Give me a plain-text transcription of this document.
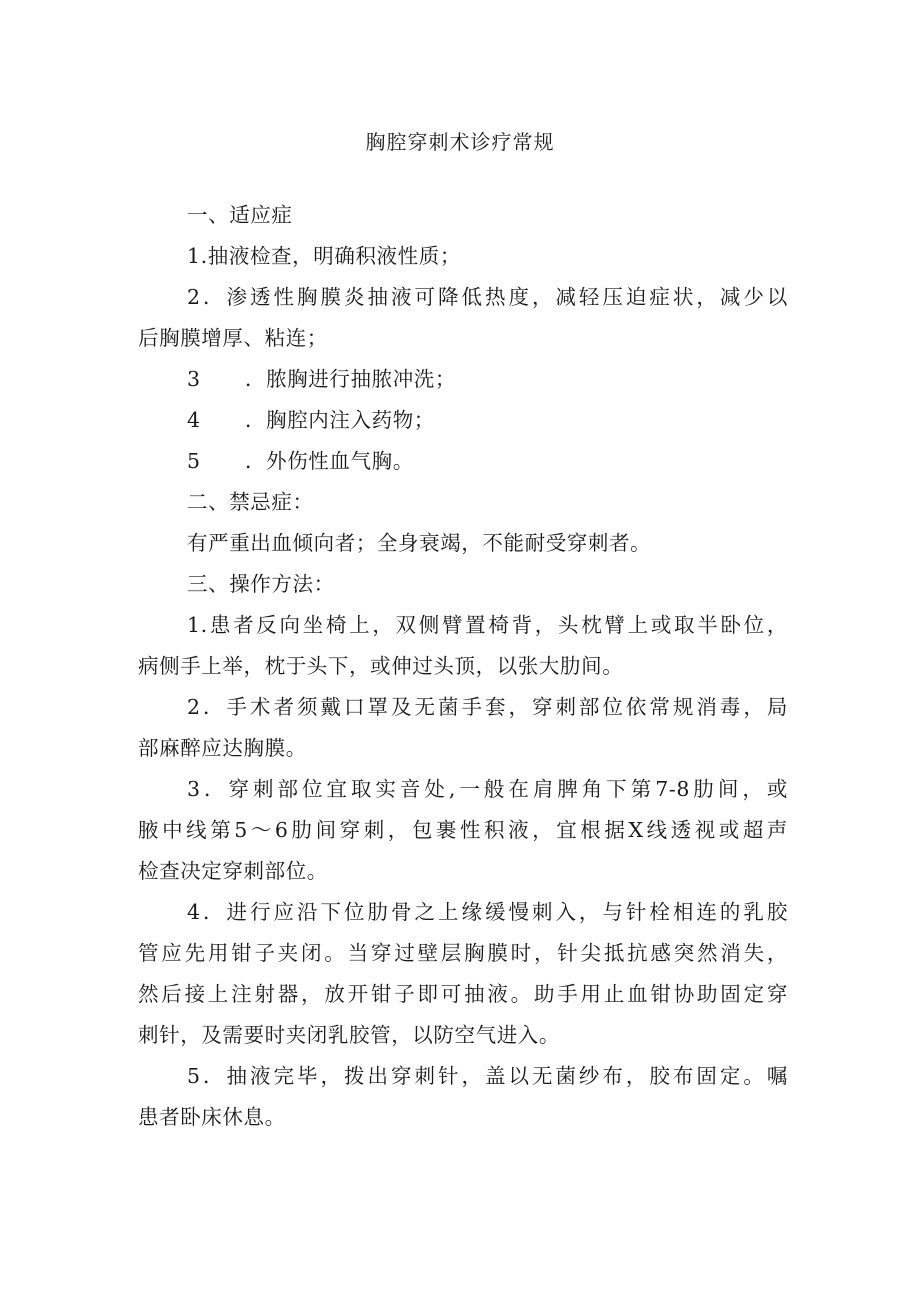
胸腔穿刺术诊疗常规
一、适应症
1.抽液检查，明确积液性质；
2．渗透性胸膜炎抽液可降低热度，减轻压迫症状，减少以
后胸膜增厚、粘连；
3	．脓胸进行抽脓冲洗；
4	．胸腔内注入药物；
5	．外伤性血气胸。
二、禁忌症：
有严重出血倾向者；全身衰竭，不能耐受穿刺者。
三、操作方法：
1.患者反向坐椅上，双侧臂置椅背，头枕臂上或取半卧位，
病侧手上举，枕于头下，或伸过头顶，以张大肋间。
2．手术者须戴口罩及无菌手套，穿刺部位依常规消毒，局
部麻醉应达胸膜。
3．穿刺部位宜取实音处,一般在肩脾角下第7-8肋间，或
腋中线第5～6肋间穿刺，包裹性积液，宜根据X线透视或超声
检查决定穿刺部位。
4．进行应沿下位肋骨之上缘缓慢刺入，与针栓相连的乳胶
管应先用钳子夹闭。当穿过壁层胸膜时，针尖抵抗感突然消失，
然后接上注射器，放开钳子即可抽液。助手用止血钳协助固定穿
刺针，及需要时夹闭乳胶管，以防空气进入。
5．抽液完毕，拨出穿刺针，盖以无菌纱布，胶布固定。嘱
患者卧床休息。
